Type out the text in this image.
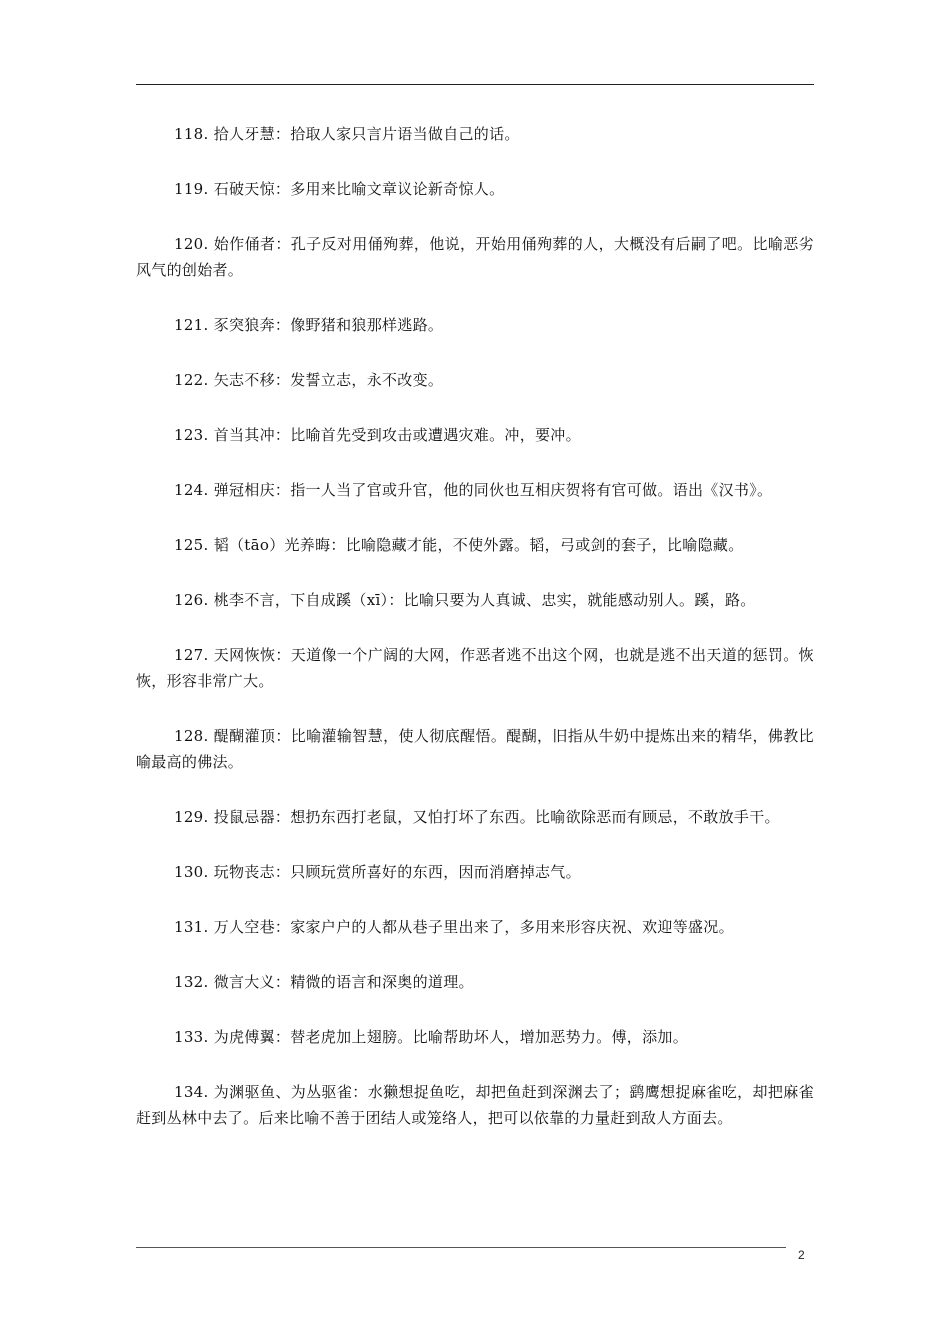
118. 拾人牙慧：拾取人家只言片语当做自己的话。

119. 石破天惊：多用来比喻文章议论新奇惊人。

120. 始作俑者：孔子反对用俑殉葬，他说，开始用俑殉葬的人，大概没有后嗣了吧。比喻恶劣风气的创始者。

121. 豕突狼奔：像野猪和狼那样逃路。

122. 矢志不移：发誓立志，永不改变。

123. 首当其冲：比喻首先受到攻击或遭遇灾难。冲，要冲。

124. 弹冠相庆：指一人当了官或升官，他的同伙也互相庆贺将有官可做。语出《汉书》。

125. 韬（tāo）光养晦：比喻隐藏才能，不使外露。韬，弓或剑的套子，比喻隐藏。

126. 桃李不言，下自成蹊（xī）：比喻只要为人真诚、忠实，就能感动别人。蹊，路。

127. 天网恢恢：天道像一个广阔的大网，作恶者逃不出这个网，也就是逃不出天道的惩罚。恢恢，形容非常广大。

128. 醍醐灌顶：比喻灌输智慧，使人彻底醒悟。醍醐，旧指从牛奶中提炼出来的精华，佛教比喻最高的佛法。

129. 投鼠忌器：想扔东西打老鼠，又怕打坏了东西。比喻欲除恶而有顾忌，不敢放手干。

130. 玩物丧志：只顾玩赏所喜好的东西，因而消磨掉志气。

131. 万人空巷：家家户户的人都从巷子里出来了，多用来形容庆祝、欢迎等盛况。

132. 微言大义：精微的语言和深奥的道理。

133. 为虎傅翼：替老虎加上翅膀。比喻帮助坏人，增加恶势力。傅，添加。

134. 为渊驱鱼、为丛驱雀：水獭想捉鱼吃，却把鱼赶到深渊去了；鹞鹰想捉麻雀吃，却把麻雀赶到丛林中去了。后来比喻不善于团结人或笼络人，把可以依靠的力量赶到敌人方面去。

2
